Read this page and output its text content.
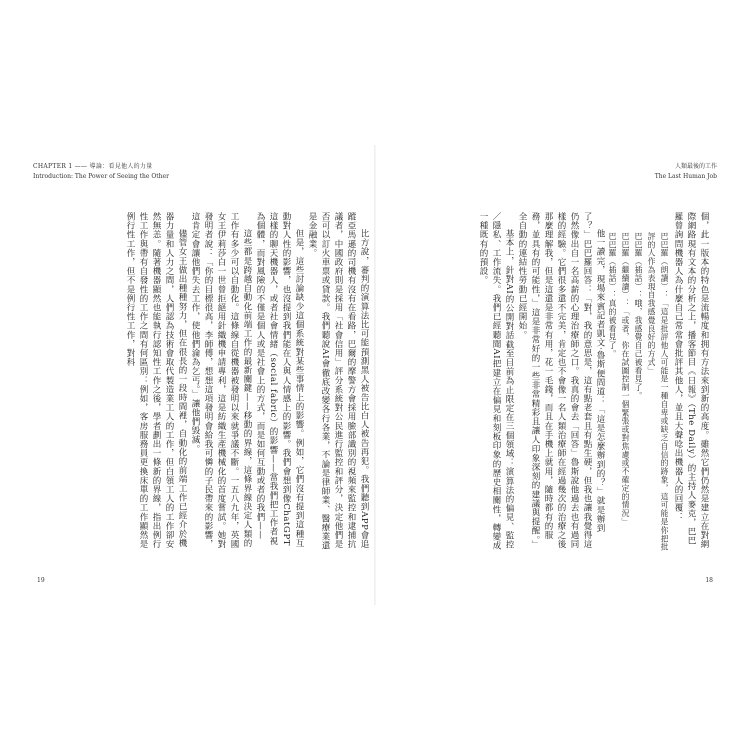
CHAPTER 1 —— 導論：看見他人的力量
Introduction: The Power of Seeing the Other

比方說，審判的演算法比可能預測黑人被告比白人被告再犯。我們聽到APP會追蹤亞馬遜的司機有沒有在看路，巴爾的摩警方會採用臉部識別的視頻來監控和逮捕抗議者，中國政府則是採用「社會信用」評分系統對公民進行監控和評分，決定他們是否可以訂火車票或貸款。我們聽說AI會徹底改變各行各業，不論是律師業、醫療業還是金融業。

但是，這些討論缺少這個系統對某些事情上的影響。例如，它們沒有提到這種互動對人性的影響，也沒提到我們能在人與人情感上的影響。我們會想到像ChatGPT這樣的聊天機器人，或者社會情緒（social fabric）的影響——當我們把工作者視為個體，而對風險的不僅是個人或是社會上的方式，而是如何互動或者的我們——

這些都是跨越自動化前端工作的最新關鍵——移動的界線，這條界線決定人類的工作有多少可以自動化。這條線自從機器被發明以來就爭議不斷。一五八九年，英國女王伊莉莎白一世曾拒絕用針織機申請專利，這是紡織生產機械化的首度嘗試。她對發明者說：「你的目標很高，李師傅，想想這項發明會給我可憐的子民帶來的影響，這肯定會讓他們失去工作，使他們淪為乞丐。」讓他們毀滅。

儘管女王做出種種努力，但在很長的一段時間裡，自動化的前端工作已經介於機器力量和人力之間，人們認為技術會取代製造業工人的工作，但白領工人的工作卻安然無恙。隨著機器顯然也能執行認知性工作之後，學者劃出一條新的界線，指出例行性工作與帶有自發性的工作之間有何區別：例如，客房服務員更換床單的工作顯然是例行性工作，但不是例行性工作，對科

19
人類最後的工作
The Last Human Job

個，此一版本的特色是流暢度和拥有方法來到新的高度。雖然它們仍然是建立在對網際網路現有文本的分析之上，播客節目《日報》（The Daily）的主持人麥克，巴巴羅曾詢問機器人為什麼自己常常會批評其他人，並且大聲唸出機器人的回覆：

巴巴羅（朗讀）：「這是批評他人可能是一種自卑或缺乏自信的跡象，這可能是你把批評的人作為表現自我感覺良好的方式」

巴巴羅（插話）：哦，我感覺自己被看見了。

巴巴羅（繼續讀）：「或者，你在試圖控制一個緊張或對焦慮或不確定的情況」

巴巴羅（插話）：真的被看見了。

他一讀完，現場來賓記者凱文·魯斯便問道：「這是怎麼辦到的？」就是辦到了？」巴巴羅回答：「對，我的意思是，這有點老套且有點生硬，但我也讓我覺得這仍然像出自一名高薪的心理治療師之口。我真的會去「回答」魯斯說他過去也有過同樣的經驗。它們很多還不完美，肯定也不會像一名人類治療師在經過幾次的治療之後那麼理解我，但是這還是非常有用，花一毛錢，而且在手機上就用，隨時都有的服務，並具有的可能性，」這是非常好的一些非常精彩且讓人印象深刻的建議與提醒。」全自動的連結性勞動已經開始。

基本上，針對AI的公開對話截至目前為止限定在三個領域：演算法的偏見、監控／隱私、工作流失。我們已經聽聞AI把建立在偏見和刻板印象的歷史相關性，轉變成一種既有的預設。

18
